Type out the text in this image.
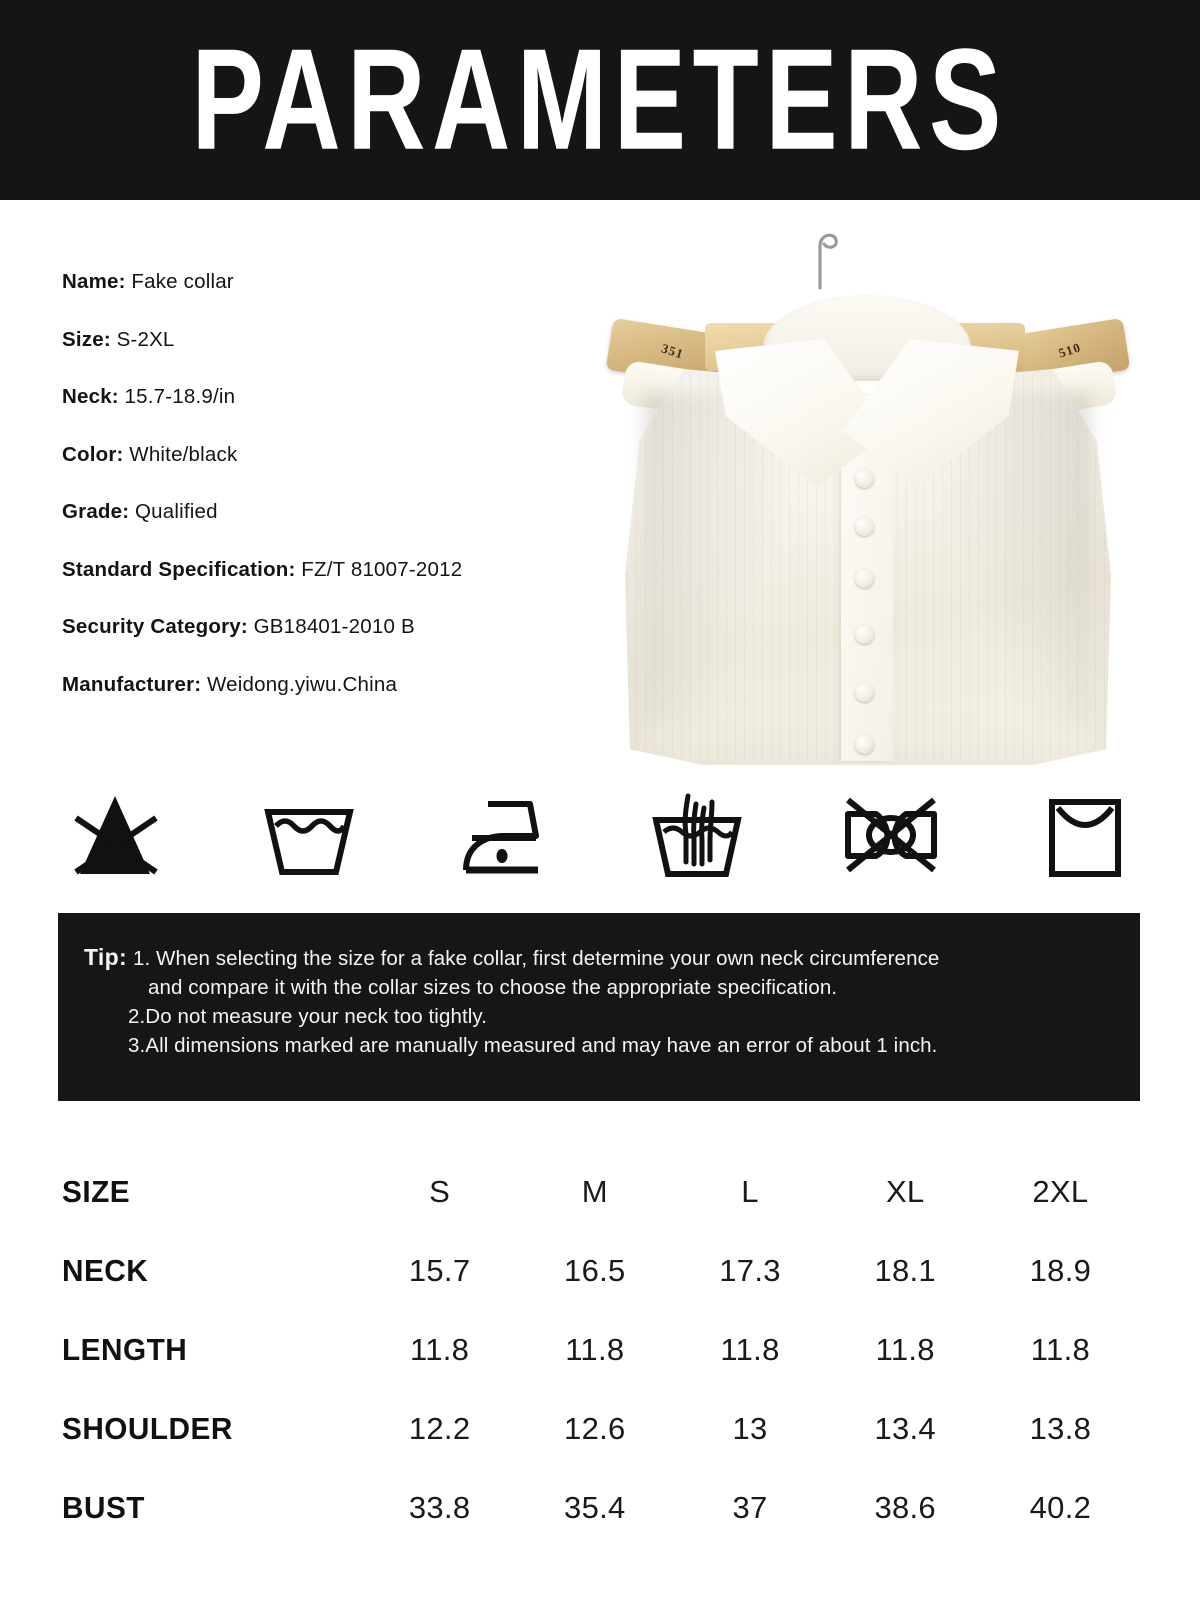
PARAMETERS
Name: Fake collar
Size: S-2XL
Neck: 15.7-18.9/in
Color: White/black
Grade: Qualified
Standard Specification: FZ/T 81007-2012
Security Category: GB18401-2010 B
Manufacturer: Weidong.yiwu.China
351	510
Tip: 1. When selecting the size for a fake collar, first determine your own neck circumference
and compare it with the collar sizes to choose the appropriate specification.
2.Do not measure your neck too tightly.
3.All dimensions marked are manually measured and may have an error of about 1 inch.
SIZE	S	M	L	XL	2XL
NECK	15.7	16.5	17.3	18.1	18.9
LENGTH	11.8	11.8	11.8	11.8	11.8
SHOULDER	12.2	12.6	13	13.4	13.8
BUST	33.8	35.4	37	38.6	40.2
